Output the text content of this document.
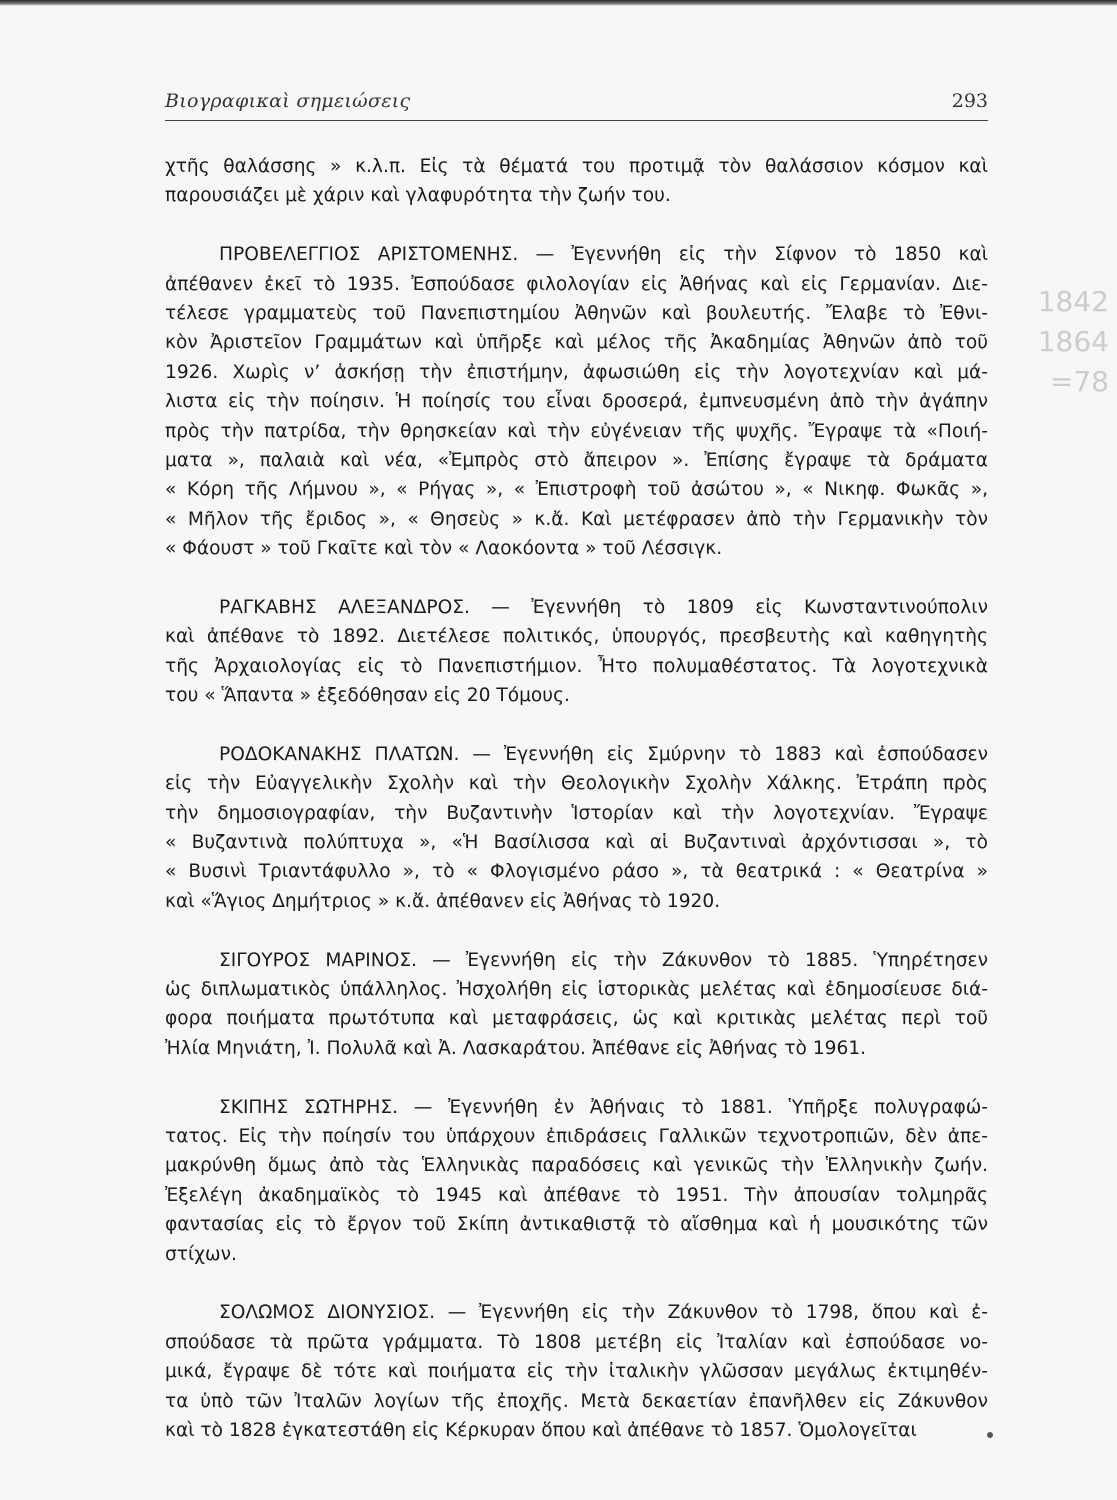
Βιογραφικαὶ σημειώσεις	293
1842
1864
=78
χτῆς θαλάσσης » κ.λ.π. Εἰς τὰ θέματά του προτιμᾷ τὸν θαλάσσιον κόσμον καὶ
παρουσιάζει μὲ χάριν καὶ γλαφυρότητα τὴν ζωήν του.
ΠΡΟΒΕΛΕΓΓΙΟΣ ΑΡΙΣΤΟΜΕΝΗΣ. — Ἐγεννήθη εἰς τὴν Σίφνον τὸ 1850 καὶ
ἀπέθανεν ἐκεῖ τὸ 1935. Ἐσπούδασε φιλολογίαν εἰς Ἀθήνας καὶ εἰς Γερμανίαν. Διε-
τέλεσε γραμματεὺς τοῦ Πανεπιστημίου Ἀθηνῶν καὶ βουλευτής. Ἔλαβε τὸ Ἐθνι-
κὸν Ἀριστεῖον Γραμμάτων καὶ ὑπῆρξε καὶ μέλος τῆς Ἀκαδημίας Ἀθηνῶν ἀπὸ τοῦ
1926. Χωρὶς ν’ ἀσκήσῃ τὴν ἐπιστήμην, ἀφωσιώθη εἰς τὴν λογοτεχνίαν καὶ μά-
λιστα εἰς τὴν ποίησιν. Ἡ ποίησίς του εἶναι δροσερά, ἐμπνευσμένη ἀπὸ τὴν ἀγάπην
πρὸς τὴν πατρίδα, τὴν θρησκείαν καὶ τὴν εὐγένειαν τῆς ψυχῆς. Ἔγραψε τὰ «Ποιή-
ματα », παλαιὰ καὶ νέα, «Ἐμπρὸς στὸ ἄπειρον ». Ἐπίσης ἔγραψε τὰ δράματα
« Κόρη τῆς Λήμνου », « Ρήγας », « Ἐπιστροφὴ τοῦ ἀσώτου », « Νικηφ. Φωκᾶς »,
« Μῆλον τῆς ἔριδος », « Θησεὺς » κ.ἄ. Καὶ μετέφρασεν ἀπὸ τὴν Γερμανικὴν τὸν
« Φάουστ » τοῦ Γκαῖτε καὶ τὸν « Λαοκόοντα » τοῦ Λέσσιγκ.
ΡΑΓΚΑΒΗΣ ΑΛΕΞΑΝΔΡΟΣ. — Ἐγεννήθη τὸ 1809 εἰς Κωνσταντινούπολιν
καὶ ἀπέθανε τὸ 1892. Διετέλεσε πολιτικός, ὑπουργός, πρεσβευτὴς καὶ καθηγητὴς
τῆς Ἀρχαιολογίας εἰς τὸ Πανεπιστήμιον. Ἦτο πολυμαθέστατος. Τὰ λογοτεχνικὰ
του « Ἅπαντα » ἐξεδόθησαν εἰς 20 Τόμους.
ΡΟΔΟΚΑΝΑΚΗΣ ΠΛΑΤΩΝ. — Ἐγεννήθη εἰς Σμύρνην τὸ 1883 καὶ ἐσπούδασεν
εἰς τὴν Εὐαγγελικὴν Σχολὴν καὶ τὴν Θεολογικὴν Σχολὴν Χάλκης. Ἐτράπη πρὸς
τὴν δημοσιογραφίαν, τὴν Βυζαντινὴν Ἱστορίαν καὶ τὴν λογοτεχνίαν. Ἔγραψε
« Βυζαντινὰ πολύπτυχα », «Ἡ Βασίλισσα καὶ αἱ Βυζαντιναὶ ἀρχόντισσαι », τὸ
« Βυσινὶ Τριαντάφυλλο », τὸ « Φλογισμένο ράσο », τὰ θεατρικά : « Θεατρίνα »
καὶ «Ἅγιος Δημήτριος » κ.ἄ. ἀπέθανεν εἰς Ἀθήνας τὸ 1920.
ΣΙΓΟΥΡΟΣ ΜΑΡΙΝΟΣ. — Ἐγεννήθη εἰς τὴν Ζάκυνθον τὸ 1885. Ὑπηρέτησεν
ὡς διπλωματικὸς ὑπάλληλος. Ἠσχολήθη εἰς ἱστορικὰς μελέτας καὶ ἐδημοσίευσε διά-
φορα ποιήματα πρωτότυπα καὶ μεταφράσεις, ὡς καὶ κριτικὰς μελέτας περὶ τοῦ
Ἠλία Μηνιάτη, Ἰ. Πολυλᾶ καὶ Ἀ. Λασκαράτου. Ἀπέθανε εἰς Ἀθήνας τὸ 1961.
ΣΚΙΠΗΣ ΣΩΤΗΡΗΣ. — Ἐγεννήθη ἐν Ἀθήναις τὸ 1881. Ὑπῆρξε πολυγραφώ-
τατος. Εἰς τὴν ποίησίν του ὑπάρχουν ἐπιδράσεις Γαλλικῶν τεχνοτροπιῶν, δὲν ἀπε-
μακρύνθη ὅμως ἀπὸ τὰς Ἑλληνικὰς παραδόσεις καὶ γενικῶς τὴν Ἑλληνικὴν ζωήν.
Ἐξελέγη ἀκαδημαϊκὸς τὸ 1945 καὶ ἀπέθανε τὸ 1951. Τὴν ἀπουσίαν τολμηρᾶς
φαντασίας εἰς τὸ ἔργον τοῦ Σκίπη ἀντικαθιστᾷ τὸ αἴσθημα καὶ ἡ μουσικότης τῶν
στίχων.
ΣΟΛΩΜΟΣ ΔΙΟΝΥΣΙΟΣ. — Ἐγεννήθη εἰς τὴν Ζάκυνθον τὸ 1798, ὅπου καὶ ἐ-
σπούδασε τὰ πρῶτα γράμματα. Τὸ 1808 μετέβη εἰς Ἰταλίαν καὶ ἐσπούδασε νο-
μικά, ἔγραψε δὲ τότε καὶ ποιήματα εἰς τὴν ἰταλικὴν γλῶσσαν μεγάλως ἐκτιμηθέν-
τα ὑπὸ τῶν Ἰταλῶν λογίων τῆς ἐποχῆς. Μετὰ δεκαετίαν ἐπανῆλθεν εἰς Ζάκυνθον
καὶ τὸ 1828 ἐγκατεστάθη εἰς Κέρκυραν ὅπου καὶ ἀπέθανε τὸ 1857. Ὁμολογεῖται
